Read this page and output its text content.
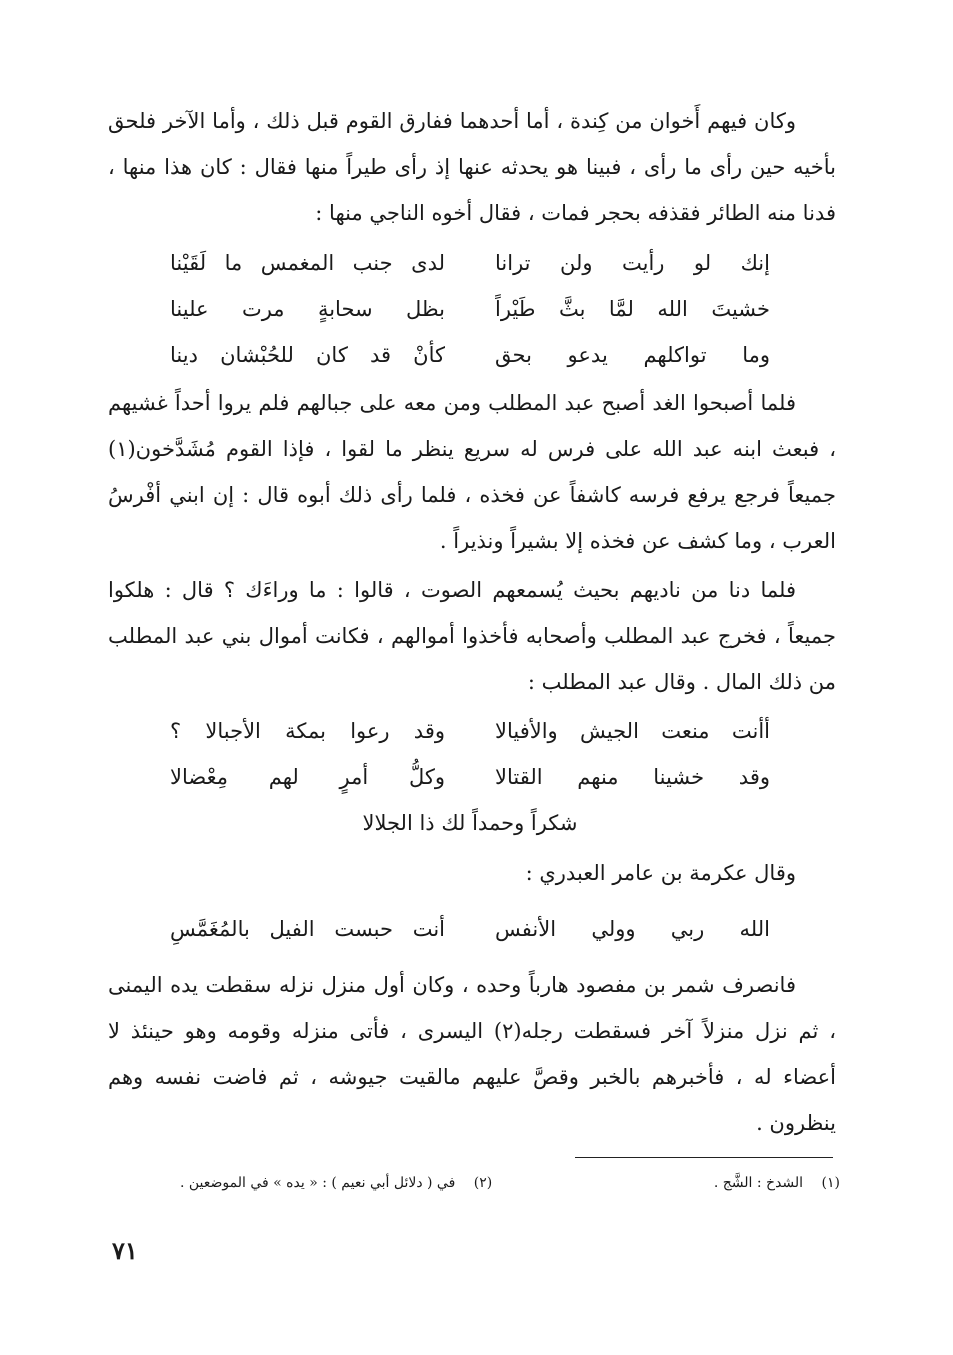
وكان فيهم أَخوان من كِندة ، أما أحدهما ففارق القوم قبل ذلك ، وأما الآخر فلحق بأخيه حين رأى ما رأى ، فبينا هو يحدثه عنها إذ رأى طيراً منها فقال : كان هذا منها ، فدنا منه الطائر فقذفه بحجر فمات ، فقال أخوه الناجي منها :

إنك لو رأيت ولن ترانا
لدى جنب المغمس ما لَقَيْنا
خشيتَ الله لمَّا بثَّ طَيْراً
بظل سحابةٍ مرت علينا
وما تواكلهم يدعو بحق
كأنْ قد كان للحُبْشان دينا

فلما أصبحوا الغد أصبح عبد المطلب ومن معه على جبالهم فلم يروا أحداً غشيهم ، فبعث ابنه عبد الله على فرس له سريع ينظر ما لقوا ، فإذا القوم مُشَدَّخون(١) جميعاً فرجع يرفع فرسه كاشفاً عن فخذه ، فلما رأى ذلك أبوه قال : إن ابني أفْرسُ العرب ، وما كشف عن فخذه إلا بشيراً ونذيراً .

فلما دنا من ناديهم بحيث يُسمعهم الصوت ، قالوا : ما وراءَك ؟ قال : هلكوا جميعاً ، فخرج عبد المطلب وأصحابه فأخذوا أموالهم ، فكانت أموال بني عبد المطلب من ذلك المال . وقال عبد المطلب :

أأنت منعت الجيش والأفيالا
وقد رعوا بمكة الأجبالا ؟
وقد خشينا منهم القتالا
وكلُّ أمرٍ لهم مِعْضالا
شكراً وحمداً لك ذا الجلالا

وقال عكرمة بن عامر العبدري :

الله ربي وولي الأنفس
أنت حبست الفيل بالمُغَمَّسِ

فانصرف شمر بن مفصود هارباً وحده ، وكان أول منزل نزله سقطت يده اليمنى ، ثم نزل منزلاً آخر فسقطت رجله(٢) اليسرى ، فأتى منزله وقومه وهو حينئذ لا أعضاء له ، فأخبرهم بالخبر وقصَّ عليهم مالقيت جيوشه ، ثم فاضت نفسه وهم ينظرون .

(١) الشدخ : الشَّج .
(٢) في ( دلائل أبي نعيم ) : « يده » في الموضعين .
٧١
